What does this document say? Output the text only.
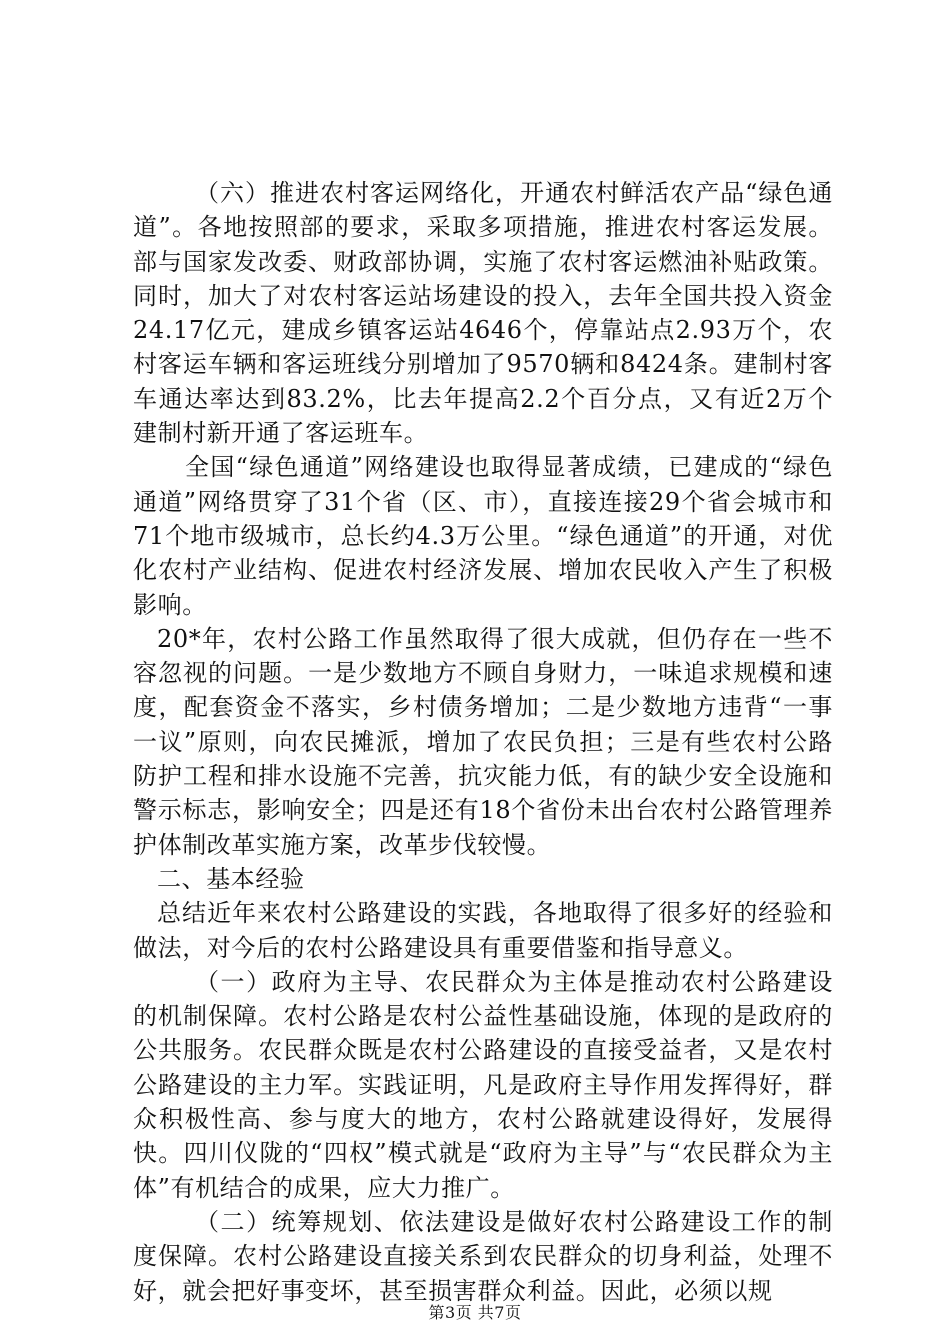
（六）推进农村客运网络化，开通农村鲜活农产品“绿色通道”。各地按照部的要求，采取多项措施，推进农村客运发展。部与国家发改委、财政部协调，实施了农村客运燃油补贴政策。同时，加大了对农村客运站场建设的投入，去年全国共投入资金24.17亿元，建成乡镇客运站4646个，停靠站点2.93万个，农村客运车辆和客运班线分别增加了9570辆和8424条。建制村客车通达率达到83.2%，比去年提高2.2个百分点，又有近2万个建制村新开通了客运班车。

全国“绿色通道”网络建设也取得显著成绩，已建成的“绿色通道”网络贯穿了31个省（区、市），直接连接29个省会城市和71个地市级城市，总长约4.3万公里。“绿色通道”的开通，对优化农村产业结构、促进农村经济发展、增加农民收入产生了积极影响。

20*年，农村公路工作虽然取得了很大成就，但仍存在一些不容忽视的问题。一是少数地方不顾自身财力，一味追求规模和速度，配套资金不落实，乡村债务增加；二是少数地方违背“一事一议”原则，向农民摊派，增加了农民负担；三是有些农村公路防护工程和排水设施不完善，抗灾能力低，有的缺少安全设施和警示标志，影响安全；四是还有18个省份未出台农村公路管理养护体制改革实施方案，改革步伐较慢。

二、基本经验

总结近年来农村公路建设的实践，各地取得了很多好的经验和做法，对今后的农村公路建设具有重要借鉴和指导意义。

（一）政府为主导、农民群众为主体是推动农村公路建设的机制保障。农村公路是农村公益性基础设施，体现的是政府的公共服务。农民群众既是农村公路建设的直接受益者，又是农村公路建设的主力军。实践证明，凡是政府主导作用发挥得好，群众积极性高、参与度大的地方，农村公路就建设得好，发展得快。四川仪陇的“四权”模式就是“政府为主导”与“农民群众为主体”有机结合的成果，应大力推广。

（二）统筹规划、依法建设是做好农村公路建设工作的制度保障。农村公路建设直接关系到农民群众的切身利益，处理不好，就会把好事变坏，甚至损害群众利益。因此，必须以规

第3页 共7页
